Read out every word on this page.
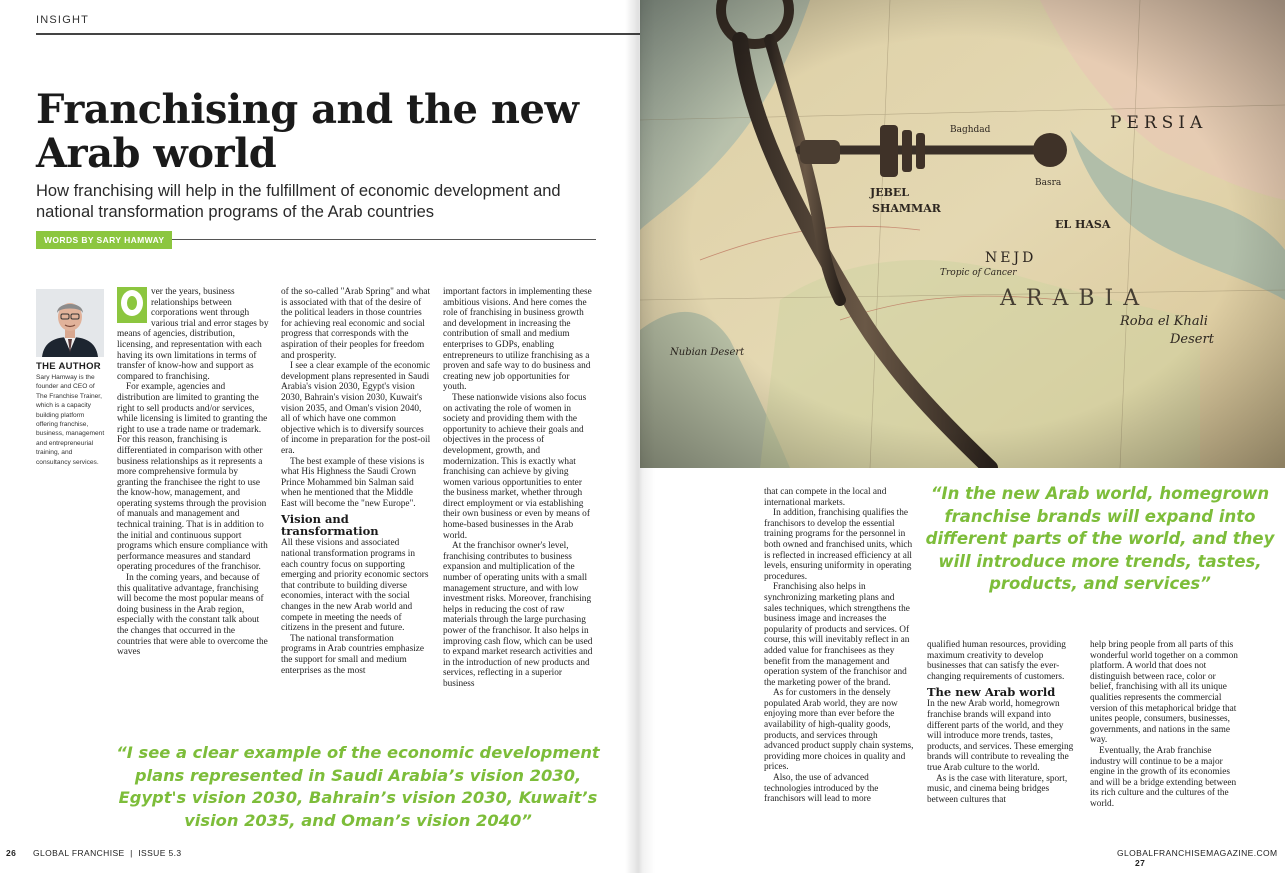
INSIGHT
Franchising and the new
Arab world
How franchising will help in the fulfillment of economic development and
national transformation programs of the Arab countries
WORDS BY SARY HAMWAY
THE AUTHOR
Sary Hamway is the founder and CEO of The Franchise Trainer, which is a capacity building platform offering franchise, business, management and entrepreneurial training, and consultancy services.

ver the years, business relationships between corporations went through various trial and error stages by means of agencies, distribution, licensing, and representation with each having its own limitations in terms of transfer of know-how and support as compared to franchising.

For example, agencies and distribution are limited to granting the right to sell products and/or services, while licensing is limited to granting the right to use a trade name or trademark. For this reason, franchising is differentiated in comparison with other business relationships as it represents a more comprehensive formula by granting the franchisee the right to use the know-how, management, and operating systems through the provision of manuals and management and technical training. That is in addition to the initial and continuous support programs which ensure compliance with performance measures and standard operating procedures of the franchisor.

In the coming years, and because of this qualitative advantage, franchising will become the most popular means of doing business in the Arab region, especially with the constant talk about the changes that occurred in the countries that were able to overcome the waves

of the so-called "Arab Spring" and what is associated with that of the desire of the political leaders in those countries for achieving real economic and social progress that corresponds with the aspiration of their peoples for freedom and prosperity.

I see a clear example of the economic development plans represented in Saudi Arabia's vision 2030, Egypt's vision 2030, Bahrain's vision 2030, Kuwait's vision 2035, and Oman's vision 2040, all of which have one common objective which is to diversify sources of income in preparation for the post-oil era.

The best example of these visions is what His Highness the Saudi Crown Prince Mohammed bin Salman said when he mentioned that the Middle East will become the "new Europe".

Vision and transformation

All these visions and associated national transformation programs in each country focus on supporting emerging and priority economic sectors that contribute to building diverse economies, interact with the social changes in the new Arab world and compete in meeting the needs of citizens in the present and future.

The national transformation programs in Arab countries emphasize the support for small and medium enterprises as the most

important factors in implementing these ambitious visions. And here comes the role of franchising in business growth and development in increasing the contribution of small and medium enterprises to GDPs, enabling entrepreneurs to utilize franchising as a proven and safe way to do business and creating new job opportunities for youth.

These nationwide visions also focus on activating the role of women in society and providing them with the opportunity to achieve their goals and objectives in the process of development, growth, and modernization. This is exactly what franchising can achieve by giving women various opportunities to enter the business market, whether through direct employment or via establishing their own business or even by means of home-based businesses in the Arab world.

At the franchisor owner's level, franchising contributes to business expansion and multiplication of the number of operating units with a small management structure, and with low investment risks. Moreover, franchising helps in reducing the cost of raw materials through the large purchasing power of the franchisor. It also helps in improving cash flow, which can be used to expand market research activities and in the introduction of new products and services, reflecting in a superior business

“I see a clear example of the economic development plans represented in Saudi Arabia’s vision 2030, Egypt's vision 2030, Bahrain’s vision 2030, Kuwait’s vision 2035, and Oman’s vision 2040”
26 GLOBAL FRANCHISE  |  ISSUE 5.3

that can compete in the local and international markets.

In addition, franchising qualifies the franchisors to develop the essential training programs for the personnel in both owned and franchised units, which is reflected in increased efficiency at all levels, ensuring uniformity in operating procedures.

Franchising also helps in synchronizing marketing plans and sales techniques, which strengthens the business image and increases the popularity of products and services. Of course, this will inevitably reflect in an added value for franchisees as they benefit from the management and operation system of the franchisor and the marketing power of the brand.

As for customers in the densely populated Arab world, they are now enjoying more than ever before the availability of high-quality goods, products, and services through advanced product supply chain systems, providing more choices in quality and prices.

Also, the use of advanced technologies introduced by the franchisors will lead to more

“In the new Arab world, homegrown franchise brands will expand into different parts of the world, and they will introduce more trends, tastes, products, and services”

qualified human resources, providing maximum creativity to develop businesses that can satisfy the ever-changing requirements of customers.

The new Arab world

In the new Arab world, homegrown franchise brands will expand into different parts of the world, and they will introduce more trends, tastes, products, and services. These emerging brands will contribute to revealing the true Arab culture to the world.

As is the case with literature, sport, music, and cinema being bridges between cultures that

help bring people from all parts of this wonderful world together on a common platform. A world that does not distinguish between race, color or belief, franchising with all its unique qualities represents the commercial version of this metaphorical bridge that unites people, consumers, businesses, governments, and nations in the same way.

Eventually, the Arab franchise industry will continue to be a major engine in the growth of its economies and will be a bridge extending between its rich culture and the cultures of the world.

GLOBALFRANCHISEMAGAZINE.COM 27
